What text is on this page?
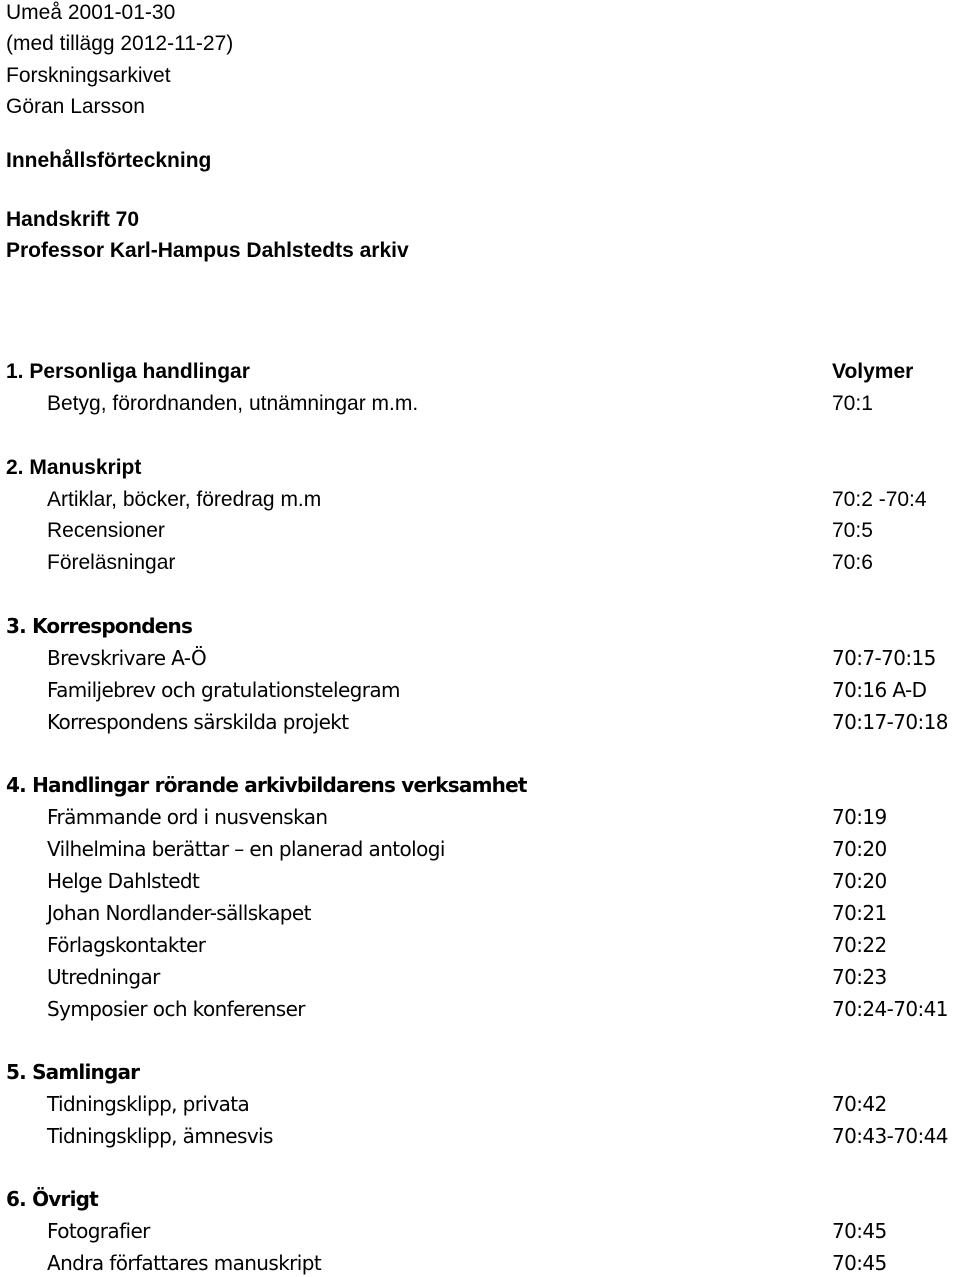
Umeå 2001-01-30
(med tillägg 2012-11-27)
Forskningsarkivet
Göran Larsson
Innehållsförteckning
Handskrift 70
Professor Karl-Hampus Dahlstedts arkiv
1. Personliga handlingar	Volymer
Betyg, förordnanden, utnämningar m.m.	70:1
2. Manuskript
Artiklar, böcker, föredrag m.m	70:2 -70:4
Recensioner	70:5
Föreläsningar	70:6
3. Korrespondens
Brevskrivare A-Ö	70:7-70:15
Familjebrev och gratulationstelegram	70:16 A-D
Korrespondens särskilda projekt	70:17-70:18
4. Handlingar rörande arkivbildarens verksamhet
Främmande ord i nusvenskan	70:19
Vilhelmina berättar – en planerad antologi	70:20
Helge Dahlstedt	70:20
Johan Nordlander-sällskapet	70:21
Förlagskontakter	70:22
Utredningar	70:23
Symposier och konferenser	70:24-70:41
5. Samlingar
Tidningsklipp, privata	70:42
Tidningsklipp, ämnesvis	70:43-70:44
6. Övrigt
Fotografier	70:45
Andra författares manuskript	70:45
